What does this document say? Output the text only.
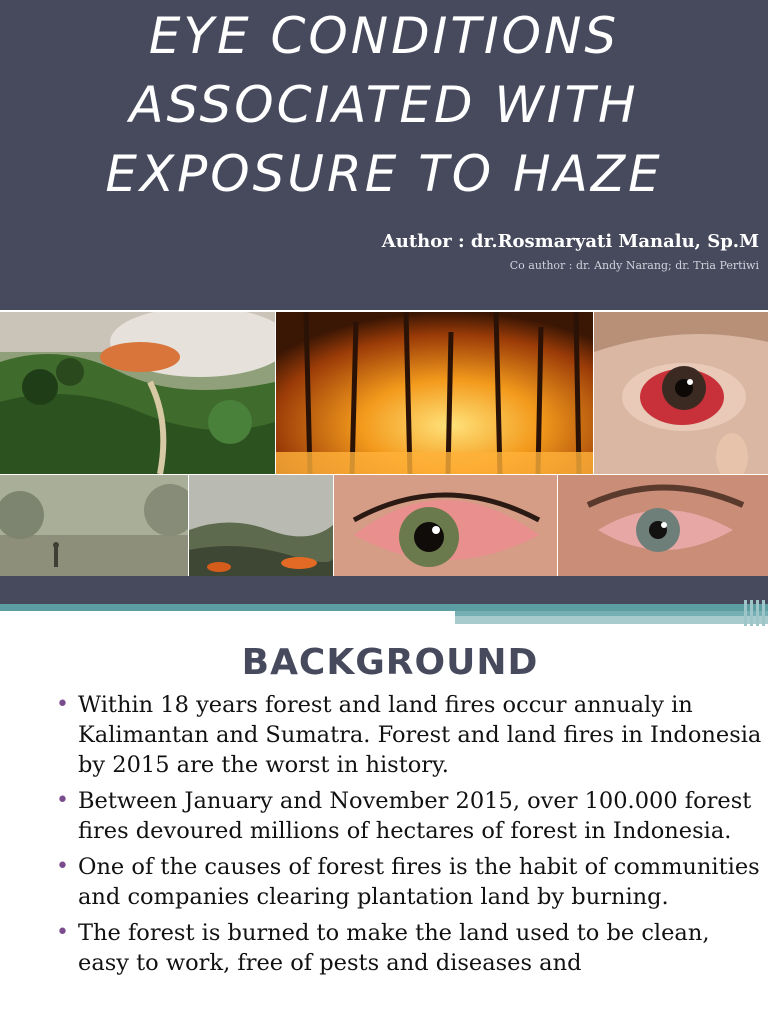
EYE CONDITIONS
ASSOCIATED WITH
EXPOSURE TO HAZE
Author : dr.Rosmaryati Manalu, Sp.M
Co author : dr. Andy Narang; dr. Tria Pertiwi
BACKGROUND
• Within 18 years forest and land fires occur annualy in Kalimantan and Sumatra. Forest and land fires in Indonesia by 2015 are the worst in history.
• Between January and November 2015, over 100.000 forest fires devoured millions of hectares of forest in Indonesia.
• One of the causes of forest fires is the habit of communities and companies clearing plantation land by burning.
• The forest is burned to make the land used to be clean, easy to work, free of pests and diseases and
